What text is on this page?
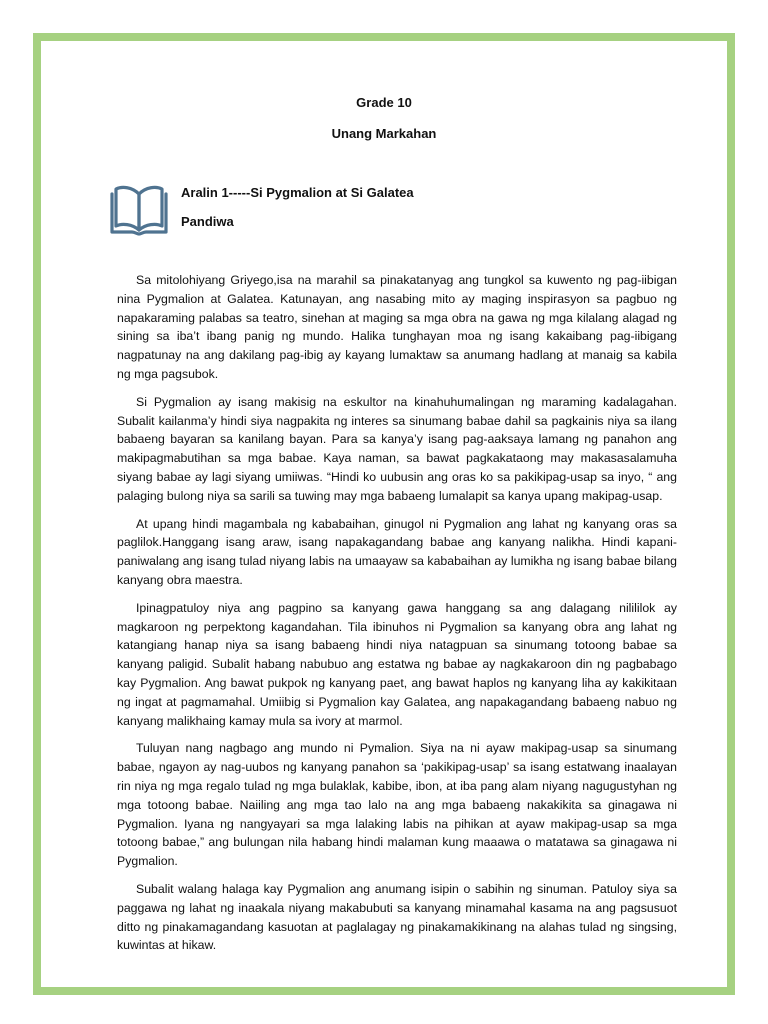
Grade 10
Unang Markahan
Aralin 1-----Si Pygmalion at Si Galatea
Pandiwa

Sa mitolohiyang Griyego,isa na marahil sa pinakatanyag ang tungkol sa kuwento ng pag-iibigan nina Pygmalion at Galatea. Katunayan, ang nasabing mito ay maging inspirasyon sa pagbuo ng napakaraming palabas sa teatro, sinehan at maging sa mga obra na gawa ng mga kilalang alagad ng sining sa iba’t ibang panig ng mundo. Halika tunghayan moa ng isang kakaibang pag-iibigang nagpatunay na ang dakilang pag-ibig ay kayang lumaktaw sa anumang hadlang at manaig sa kabila ng mga pagsubok.

Si Pygmalion ay isang makisig na eskultor na kinahuhumalingan ng maraming kadalagahan. Subalit kailanma’y hindi siya nagpakita ng interes sa sinumang babae dahil sa pagkainis niya sa ilang babaeng bayaran sa kanilang bayan. Para sa kanya’y isang pag-aaksaya lamang ng panahon ang makipagmabutihan sa mga babae. Kaya naman, sa bawat pagkakataong may makasasalamuha siyang babae ay lagi siyang umiiwas. “Hindi ko uubusin ang oras ko sa pakikipag-usap sa inyo, “ ang palaging bulong niya sa sarili sa tuwing may mga babaeng lumalapit sa kanya upang makipag-usap.

At upang hindi magambala ng kababaihan, ginugol ni Pygmalion ang lahat ng kanyang oras sa paglilok.Hanggang isang araw, isang napakagandang babae ang kanyang nalikha. Hindi kapani-paniwalang ang isang tulad niyang labis na umaayaw sa kababaihan ay lumikha ng isang babae bilang kanyang obra maestra.

Ipinagpatuloy niya ang pagpino sa kanyang gawa hanggang sa ang dalagang nilililok ay magkaroon ng perpektong kagandahan. Tila ibinuhos ni Pygmalion sa kanyang obra ang lahat ng katangiang hanap niya sa isang babaeng hindi niya natagpuan sa sinumang totoong babae sa kanyang paligid. Subalit habang nabubuo ang estatwa ng babae ay nagkakaroon din ng pagbabago kay Pygmalion. Ang bawat pukpok ng kanyang paet, ang bawat haplos ng kanyang liha ay kakikitaan ng ingat at pagmamahal. Umiibig si Pygmalion kay Galatea, ang napakagandang babaeng nabuo ng kanyang malikhaing kamay mula sa ivory at marmol.

Tuluyan nang nagbago ang mundo ni Pymalion. Siya na ni ayaw makipag-usap sa sinumang babae, ngayon ay nag-uubos ng kanyang panahon sa ‘pakikipag-usap’ sa isang estatwang inaalayan rin niya ng mga regalo tulad ng mga bulaklak, kabibe, ibon, at iba pang alam niyang nagugustyhan ng mga totoong babae. Naiiling ang mga tao lalo na ang mga babaeng nakakikita sa ginagawa ni Pygmalion. Iyana ng nangyayari sa mga lalaking labis na pihikan at ayaw makipag-usap sa mga totoong babae,” ang bulungan nila habang hindi malaman kung maaawa o matatawa sa ginagawa ni Pygmalion.

Subalit walang halaga kay Pygmalion ang anumang isipin o sabihin ng sinuman. Patuloy siya sa paggawa ng lahat ng inaakala niyang makabubuti sa kanyang minamahal kasama na ang pagsusuot ditto ng pinakamagandang kasuotan at paglalagay ng pinakamakikinang na alahas tulad ng singsing, kuwintas at hikaw.
